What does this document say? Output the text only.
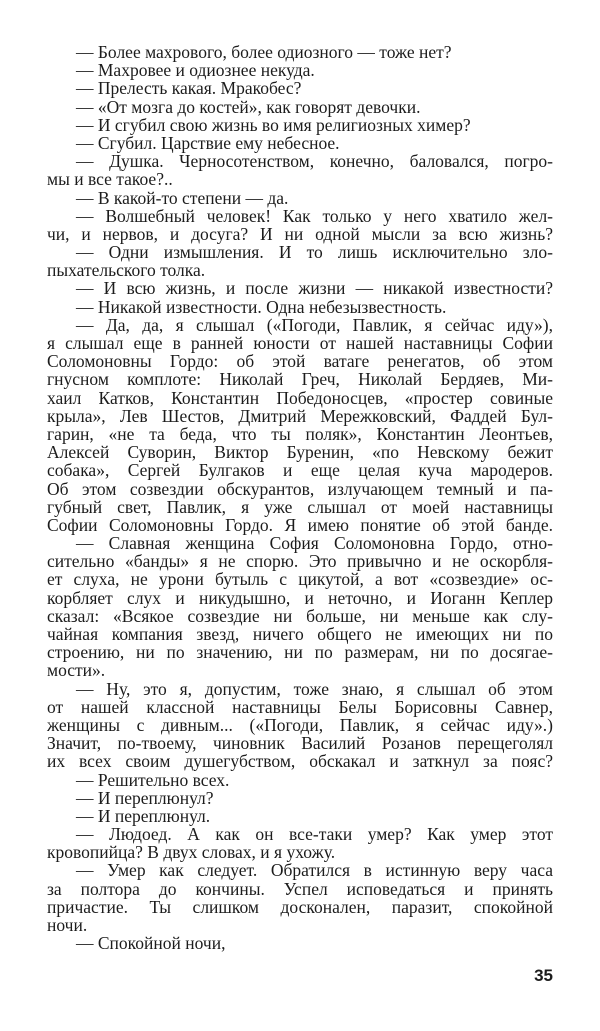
— Более махрового, более одиозного — тоже нет?
— Махровее и одиознее некуда.
— Прелесть какая. Мракобес?
— «От мозга до костей», как говорят девочки.
— И сгубил свою жизнь во имя религиозных химер?
— Сгубил. Царствие ему небесное.
— Душка. Черносотенством, конечно, баловался, погро-
мы и все такое?..
— В какой-то степени — да.
— Волшебный человек! Как только у него хватило жел-
чи, и нервов, и досуга? И ни одной мысли за всю жизнь?
— Одни измышления. И то лишь исключительно зло-
пыхательского толка.
— И всю жизнь, и после жизни — никакой известности?
— Никакой известности. Одна небезызвестность.
— Да, да, я слышал («Погоди, Павлик, я сейчас иду»),
я слышал еще в ранней юности от нашей наставницы Софии
Соломоновны Гордо: об этой ватаге ренегатов, об этом
гнусном комплоте: Николай Греч, Николай Бердяев, Ми-
хаил Катков, Константин Победоносцев, «простер совиные
крыла», Лев Шестов, Дмитрий Мережковский, Фаддей Бул-
гарин, «не та беда, что ты поляк», Константин Леонтьев,
Алексей Суворин, Виктор Буренин, «по Невскому бежит
собака», Сергей Булгаков и еще целая куча мародеров.
Об этом созвездии обскурантов, излучающем темный и па-
губный свет, Павлик, я уже слышал от моей наставницы
Софии Соломоновны Гордо. Я имею понятие об этой банде.
— Славная женщина София Соломоновна Гордо, отно-
сительно «банды» я не спорю. Это привычно и не оскорбля-
ет слуха, не урони бутыль с цикутой, а вот «созвездие» ос-
корбляет слух и никудышно, и неточно, и Иоганн Кеплер
сказал: «Всякое созвездие ни больше, ни меньше как слу-
чайная компания звезд, ничего общего не имеющих ни по
строению, ни по значению, ни по размерам, ни по досягае-
мости».
— Ну, это я, допустим, тоже знаю, я слышал об этом
от нашей классной наставницы Белы Борисовны Савнер,
женщины с дивным... («Погоди, Павлик, я сейчас иду».)
Значит, по-твоему, чиновник Василий Розанов перещеголял
их всех своим душегубством, обскакал и заткнул за пояс?
— Решительно всех.
— И переплюнул?
— И переплюнул.
— Людоед. А как он все-таки умер? Как умер этот
кровопийца? В двух словах, и я ухожу.
— Умер как следует. Обратился в истинную веру часа
за полтора до кончины. Успел исповедаться и принять
причастие. Ты слишком досконален, паразит, спокойной
ночи.
— Спокойной ночи,
35
